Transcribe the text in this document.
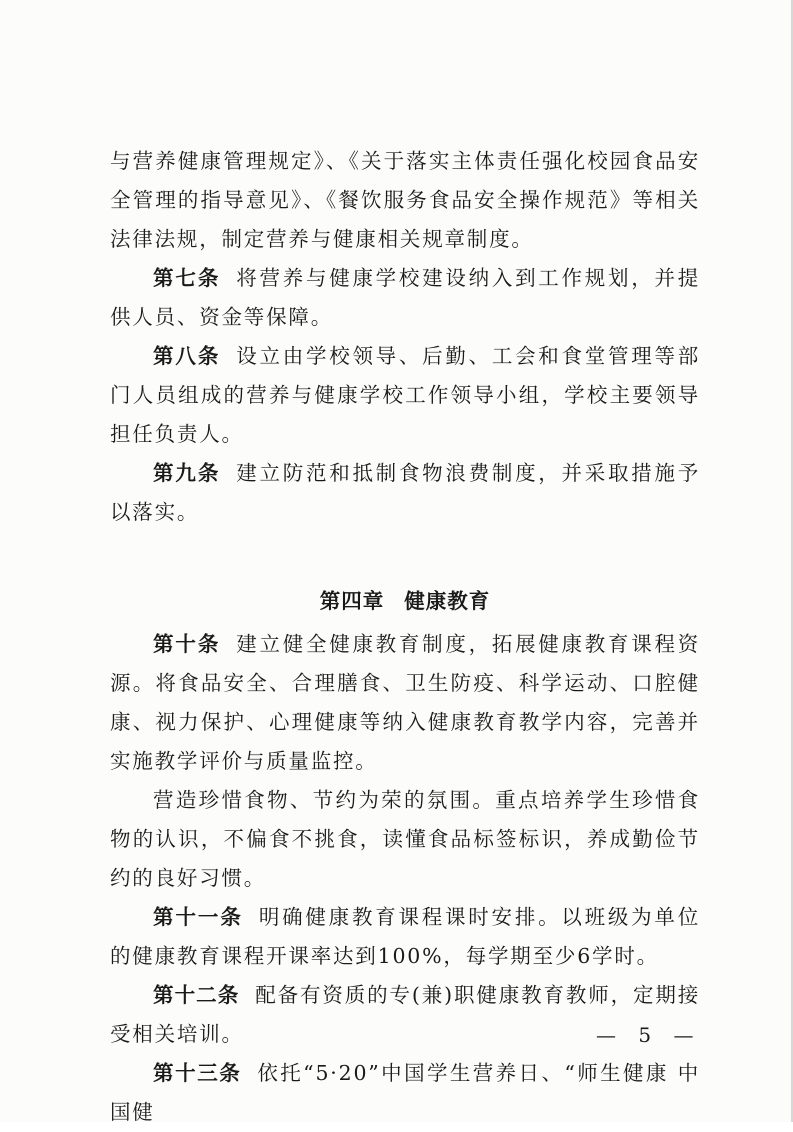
与营养健康管理规定》、《关于落实主体责任强化校园食品安全管理的指导意见》、《餐饮服务食品安全操作规范》等相关法律法规，制定营养与健康相关规章制度。

第七条 将营养与健康学校建设纳入到工作规划，并提供人员、资金等保障。

第八条 设立由学校领导、后勤、工会和食堂管理等部门人员组成的营养与健康学校工作领导小组，学校主要领导担任负责人。

第九条 建立防范和抵制食物浪费制度，并采取措施予以落实。

第四章 健康教育

第十条 建立健全健康教育制度，拓展健康教育课程资源。将食品安全、合理膳食、卫生防疫、科学运动、口腔健康、视力保护、心理健康等纳入健康教育教学内容，完善并实施教学评价与质量监控。

营造珍惜食物、节约为荣的氛围。重点培养学生珍惜食物的认识，不偏食不挑食，读懂食品标签标识，养成勤俭节约的良好习惯。

第十一条 明确健康教育课程课时安排。以班级为单位的健康教育课程开课率达到100%，每学期至少6学时。

第十二条 配备有资质的专(兼)职健康教育教师，定期接受相关培训。

第十三条 依托“5·20”中国学生营养日、“师生健康 中国健

— 5 —
